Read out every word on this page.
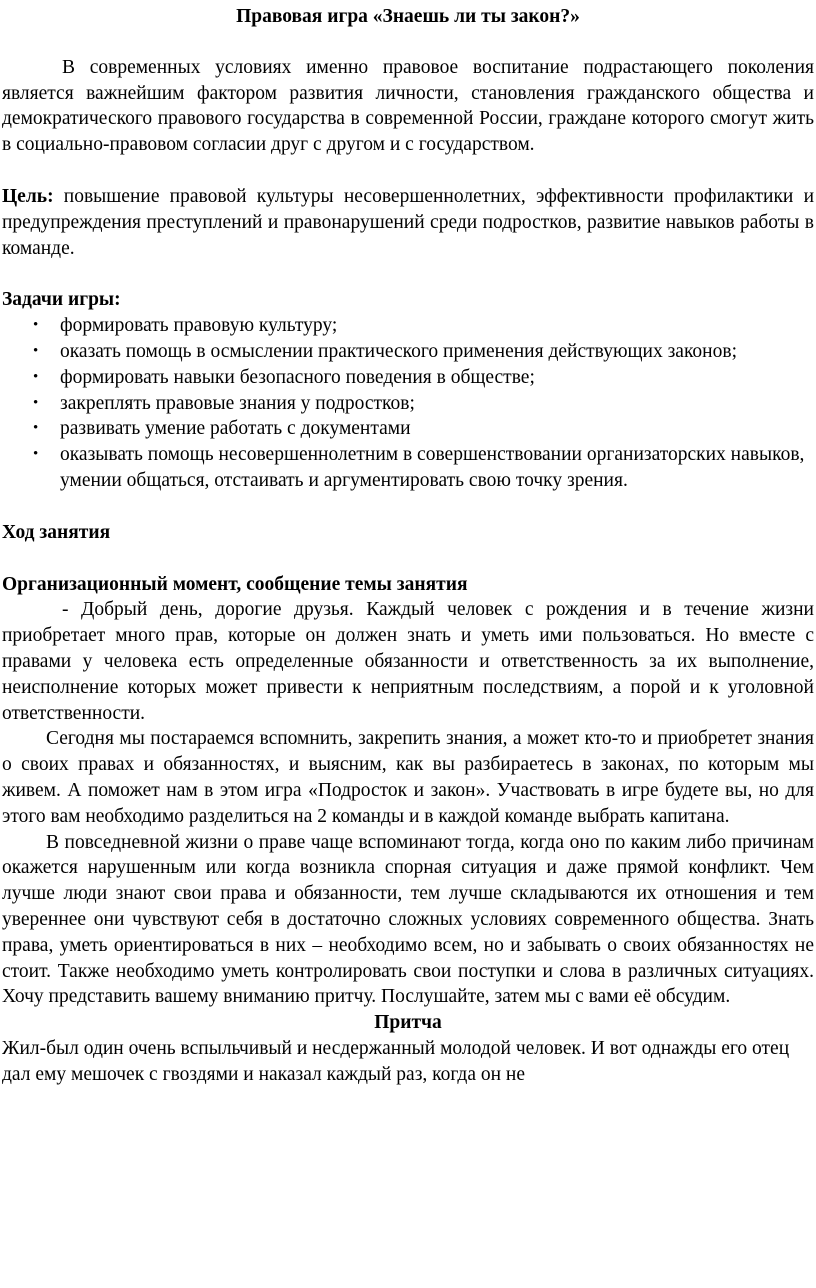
Правовая игра «Знаешь ли ты закон?»

В современных условиях именно правовое воспитание подрастающего поколения является важнейшим фактором развития личности, становления гражданского общества и демократического правового государства в современной России, граждане которого смогут жить в социально-правовом согласии друг с другом и с государством.

Цель: повышение правовой культуры несовершеннолетних, эффективности профилактики и предупреждения преступлений и правонарушений среди подростков, развитие навыков работы в команде.

Задачи игры:

• формировать правовую культуру;
• оказать помощь в осмыслении практического применения действующих законов;
• формировать навыки безопасного поведения в обществе;
• закреплять правовые знания у подростков;
• развивать умение работать с документами
• оказывать помощь несовершеннолетним в совершенствовании организаторских навыков, умении общаться, отстаивать и аргументировать свою точку зрения.

Ход занятия

Организационный момент, сообщение темы занятия

- Добрый день, дорогие друзья. Каждый человек с рождения и в течение жизни приобретает много прав, которые он должен знать и уметь ими пользоваться. Но вместе с правами у человека есть определенные обязанности и ответственность за их выполнение, неисполнение которых может привести к неприятным последствиям, а порой и к уголовной ответственности.

Сегодня мы постараемся вспомнить, закрепить знания, а может кто-то и приобретет знания о своих правах и обязанностях, и выясним, как вы разбираетесь в законах, по которым мы живем. А поможет нам в этом игра «Подросток и закон». Участвовать в игре будете вы, но для этого вам необходимо разделиться на 2 команды и в каждой команде выбрать капитана.

В повседневной жизни о праве чаще вспоминают тогда, когда оно по каким либо причинам окажется нарушенным или когда возникла спорная ситуация и даже прямой конфликт. Чем лучше люди знают свои права и обязанности, тем лучше складываются их отношения и тем увереннее они чувствуют себя в достаточно сложных условиях современного общества. Знать права, уметь ориентироваться в них – необходимо всем, но и забывать о своих обязанностях не стоит. Также необходимо уметь контролировать свои поступки и слова в различных ситуациях. Хочу представить вашему вниманию притчу. Послушайте, затем мы с вами её обсудим.

Притча

Жил-был один очень вспыльчивый и несдержанный молодой человек. И вот однажды его отец дал ему мешочек с гвоздями и наказал каждый раз, когда он не
